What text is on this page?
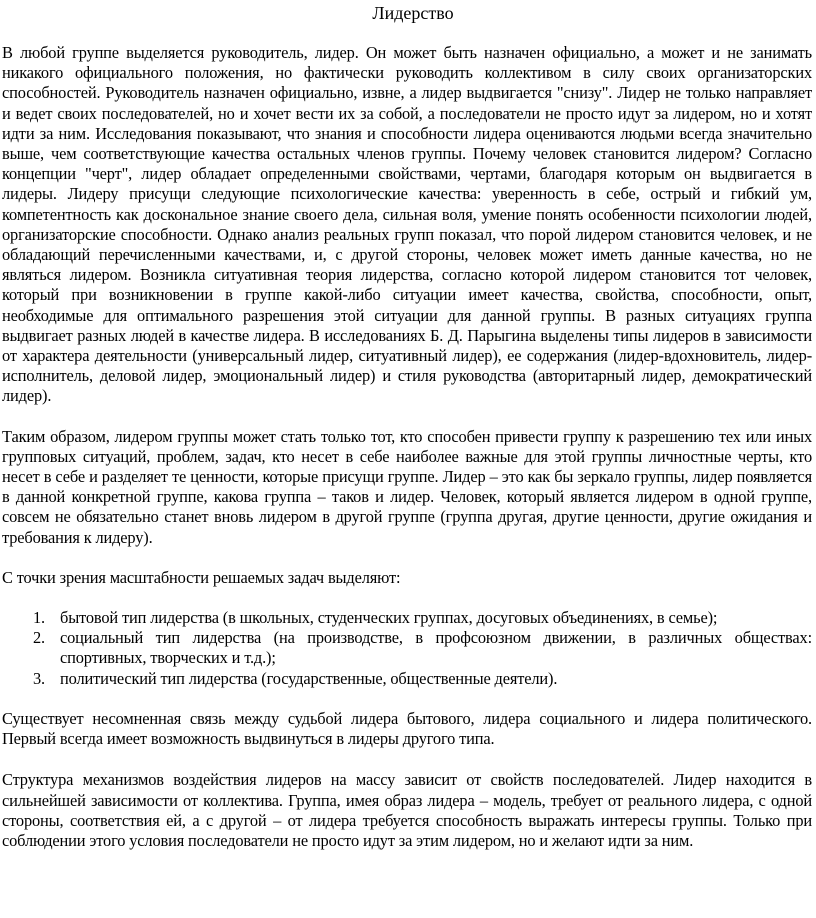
Лидерство

В любой группе выделяется руководитель, лидер. Он может быть назначен официально, а может и не занимать никакого официального положения, но фактически руководить коллективом в силу своих организаторских способностей. Руководитель назначен официально, извне, а лидер выдвигается "снизу". Лидер не только направляет и ведет своих последователей, но и хочет вести их за собой, а последователи не просто идут за лидером, но и хотят идти за ним. Исследования показывают, что знания и способности лидера оцениваются людьми всегда значительно выше, чем соответствующие качества остальных членов группы. Почему человек становится лидером? Согласно концепции "черт", лидер обладает определенными свойствами, чертами, благодаря которым он выдвигается в лидеры. Лидеру присущи следующие психологические качества: уверенность в себе, острый и гибкий ум, компетентность как доскональное знание своего дела, сильная воля, умение понять особенности психологии людей, организаторские способности. Однако анализ реальных групп показал, что порой лидером становится человек, и не обладающий перечисленными качествами, и, с другой стороны, человек может иметь данные качества, но не являться лидером. Возникла ситуативная теория лидерства, согласно которой лидером становится тот человек, который при возникновении в группе какой-либо ситуации имеет качества, свойства, способности, опыт, необходимые для оптимального разрешения этой ситуации для данной группы. В разных ситуациях группа выдвигает разных людей в качестве лидера. В исследованиях Б. Д. Парыгина выделены типы лидеров в зависимости от характера деятельности (универсальный лидер, ситуативный лидер), ее содержания (лидер-вдохновитель, лидер-исполнитель, деловой лидер, эмоциональный лидер) и стиля руководства (авторитарный лидер, демократический лидер).

Таким образом, лидером группы может стать только тот, кто способен привести группу к разрешению тех или иных групповых ситуаций, проблем, задач, кто несет в себе наиболее важные для этой группы личностные черты, кто несет в себе и разделяет те ценности, которые присущи группе. Лидер – это как бы зеркало группы, лидер появляется в данной конкретной группе, какова группа – таков и лидер. Человек, который является лидером в одной группе, совсем не обязательно станет вновь лидером в другой группе (группа другая, другие ценности, другие ожидания и требования к лидеру).

С точки зрения масштабности решаемых задач выделяют:

1. бытовой тип лидерства (в школьных, студенческих группах, досуговых объединениях, в семье);
2. социальный тип лидерства (на производстве, в профсоюзном движении, в различных обществах: спортивных, творческих и т.д.);
3. политический тип лидерства (государственные, общественные деятели).

Существует несомненная связь между судьбой лидера бытового, лидера социального и лидера политического. Первый всегда имеет возможность выдвинуться в лидеры другого типа.

Структура механизмов воздействия лидеров на массу зависит от свойств последователей. Лидер находится в сильнейшей зависимости от коллектива. Группа, имея образ лидера – модель, требует от реального лидера, с одной стороны, соответствия ей, а с другой – от лидера требуется способность выражать интересы группы. Только при соблюдении этого условия последователи не просто идут за этим лидером, но и желают идти за ним.
